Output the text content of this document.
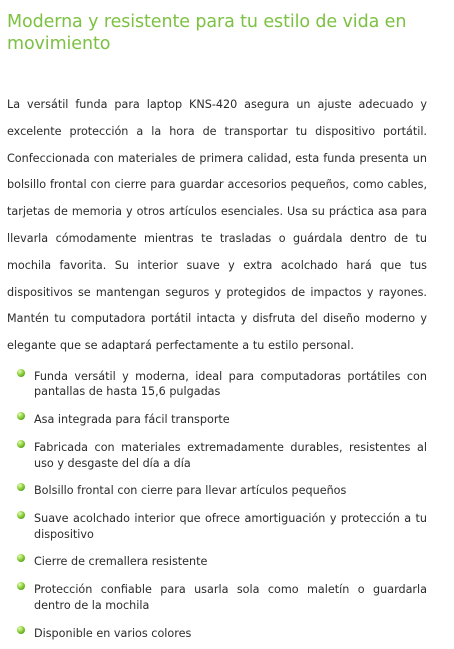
Moderna y resistente para tu estilo de vida en movimiento

La versátil funda para laptop KNS-420 asegura un ajuste adecuado y excelente protección a la hora de transportar tu dispositivo portátil. Confeccionada con materiales de primera calidad, esta funda presenta un bolsillo frontal con cierre para guardar accesorios pequeños, como cables, tarjetas de memoria y otros artículos esenciales. Usa su práctica asa para llevarla cómodamente mientras te trasladas o guárdala dentro de tu mochila favorita. Su interior suave y extra acolchado hará que tus dispositivos se mantengan seguros y protegidos de impactos y rayones. Mantén tu computadora portátil intacta y disfruta del diseño moderno y elegante que se adaptará perfectamente a tu estilo personal.

Funda versátil y moderna, ideal para computadoras portátiles con pantallas de hasta 15,6 pulgadas
Asa integrada para fácil transporte
Fabricada con materiales extremadamente durables, resistentes al uso y desgaste del día a día
Bolsillo frontal con cierre para llevar artículos pequeños
Suave acolchado interior que ofrece amortiguación y protección a tu dispositivo
Cierre de cremallera resistente
Protección confiable para usarla sola como maletín o guardarla dentro de la mochila
Disponible en varios colores
